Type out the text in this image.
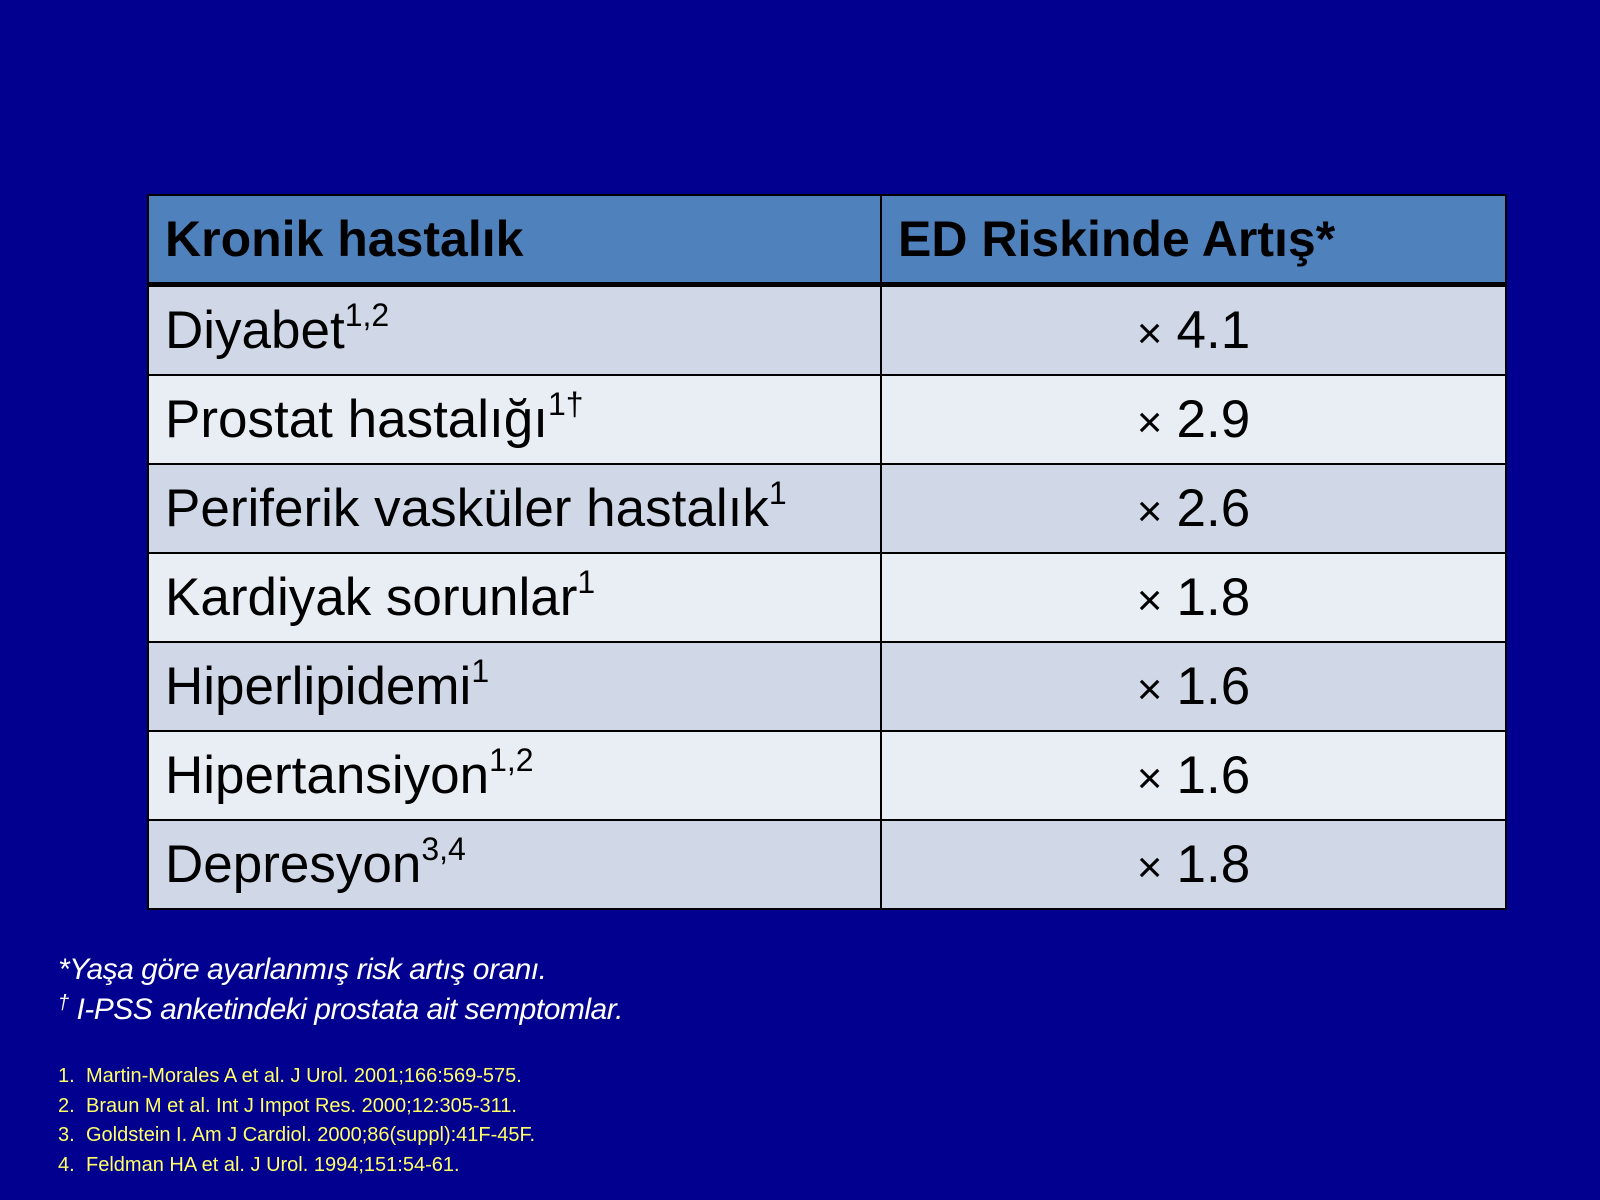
Kronik hastalık	ED Riskinde Artış*
Diyabet$^{1,2}$	× 4.1
Prostat hastalığı$^{1\dagger}$	× 2.9
Periferik vasküler hastalık$^1$	× 2.6
Kardiyak sorunlar$^1$	× 1.8
Hiperlipidemi$^1$	× 1.6
Hipertansiyon$^{1,2}$	× 1.6
Depresyon$^{3,4}$	× 1.8
*Yaşa göre ayarlanmış risk artış oranı.
† I-PSS anketindeki prostata ait semptomlar.
1. Martin-Morales A et al. J Urol. 2001;166:569-575.
2. Braun M et al. Int J Impot Res. 2000;12:305-311.
3. Goldstein I. Am J Cardiol. 2000;86(suppl):41F-45F.
4. Feldman HA et al. J Urol. 1994;151:54-61.
